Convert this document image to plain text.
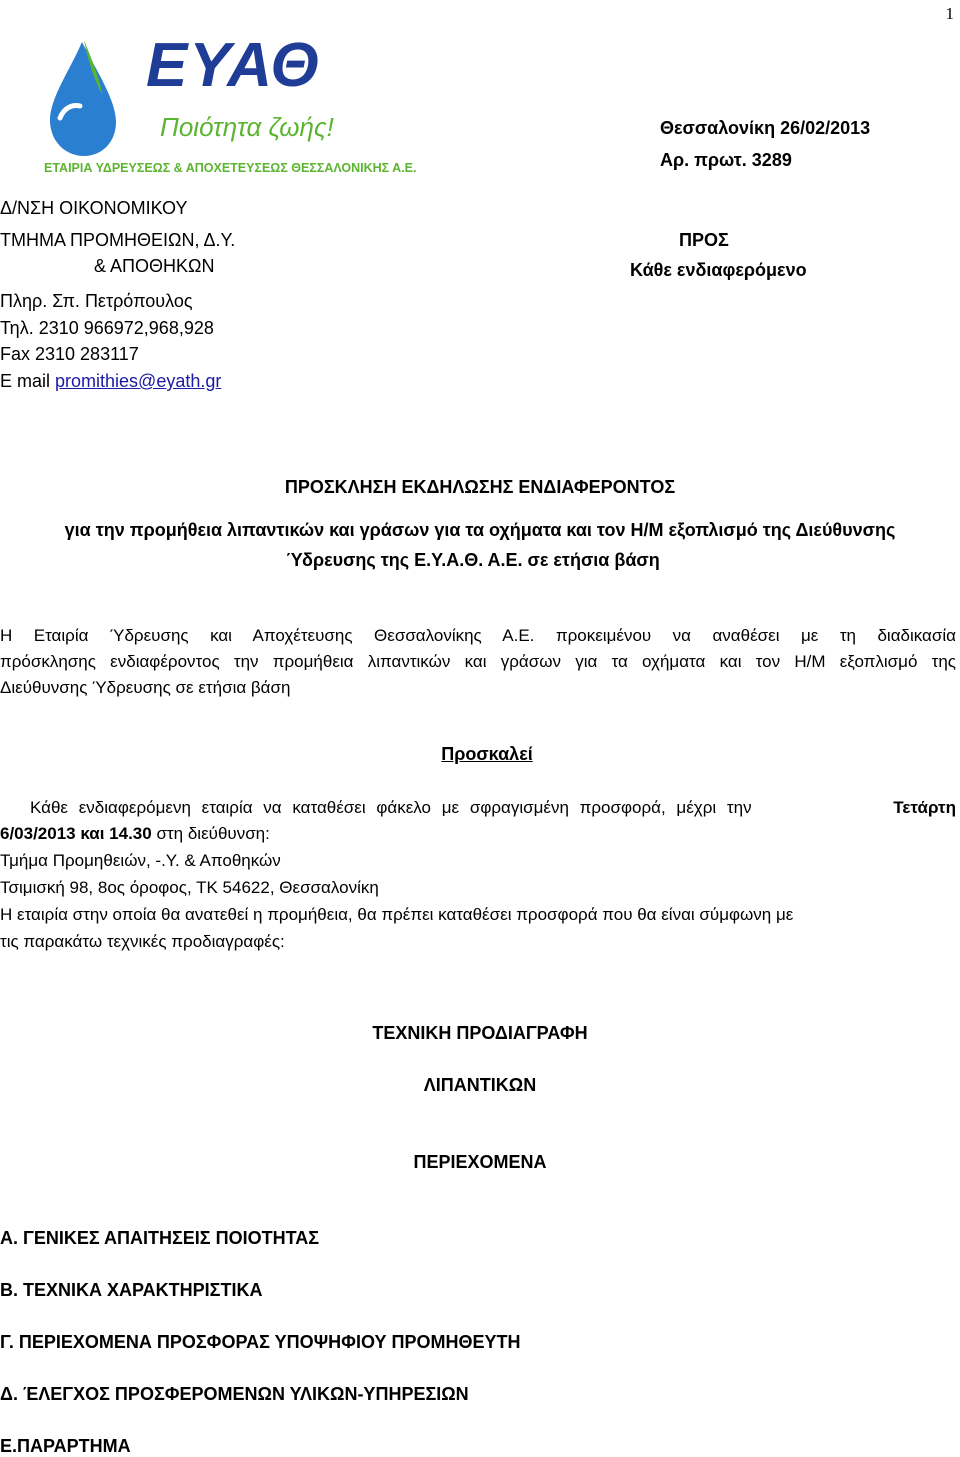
1
ΕΥΑΘ
Ποιότητα ζωής!
ΕΤΑΙΡΙΑ ΥΔΡΕΥΣΕΩΣ & ΑΠΟΧΕΤΕΥΣΕΩΣ ΘΕΣΣΑΛΟΝΙΚΗΣ Α.Ε.
Δ/ΝΣΗ ΟΙΚΟΝΟΜΙΚΟΥ
ΤΜΗΜΑ ΠΡΟΜΗΘΕΙΩΝ, Δ.Υ.
& ΑΠΟΘΗΚΩΝ
Πληρ. Σπ. Πετρόπουλος
Τηλ. 2310 966972,968,928
Fax 2310 283117
E mail promithies@eyath.gr
Θεσσαλονίκη 26/02/2013
Αρ. πρωτ. 3289
ΠΡΟΣ
Κάθε ενδιαφερόμενο
ΠΡΟΣΚΛΗΣΗ ΕΚΔΗΛΩΣΗΣ ΕΝΔΙΑΦΕΡΟΝΤΟΣ
για την προμήθεια λιπαντικών και γράσων για τα οχήματα και τον Η/Μ εξοπλισμό της Διεύθυνσης
Ύδρευσης της Ε.Υ.Α.Θ. Α.Ε. σε ετήσια βάση
Η Εταιρία Ύδρευσης και Αποχέτευσης Θεσσαλονίκης Α.Ε. προκειμένου να αναθέσει με τη διαδικασία
πρόσκλησης ενδιαφέροντος την προμήθεια λιπαντικών και γράσων για τα οχήματα και τον Η/Μ εξοπλισμό της
Διεύθυνσης Ύδρευσης σε ετήσια βάση
Προσκαλεί
Κάθε ενδιαφερόμενη εταιρία να καταθέσει φάκελο με σφραγισμένη προσφορά, μέχρι την	Τετάρτη
6/03/2013 και 14.30 στη διεύθυνση:
Τμήμα Προμηθειών, -.Υ. & Αποθηκών
Τσιμισκή 98, 8ος όροφος, ΤΚ 54622, Θεσσαλονίκη
Η εταιρία στην οποία θα ανατεθεί η προμήθεια, θα πρέπει καταθέσει προσφορά που θα είναι σύμφωνη με
τις παρακάτω τεχνικές προδιαγραφές:
ΤΕΧΝΙΚΗ ΠΡΟΔΙΑΓΡΑΦΗ
ΛΙΠΑΝΤΙΚΩΝ
ΠΕΡΙΕΧΟΜΕΝΑ
Α. ΓΕΝΙΚΕΣ ΑΠΑΙΤΗΣΕΙΣ ΠΟΙΟΤΗΤΑΣ
Β. ΤΕΧΝΙΚΑ ΧΑΡΑΚΤΗΡΙΣΤΙΚΑ
Γ. ΠΕΡΙΕΧΟΜΕΝΑ ΠΡΟΣΦΟΡΑΣ ΥΠΟΨΗΦΙΟΥ ΠΡΟΜΗΘΕΥΤΗ
Δ. ΈΛΕΓΧΟΣ ΠΡΟΣΦΕΡΟΜΕΝΩΝ ΥΛΙΚΩΝ-ΥΠΗΡΕΣΙΩΝ
Ε.ΠΑΡΑΡΤΗΜΑ
